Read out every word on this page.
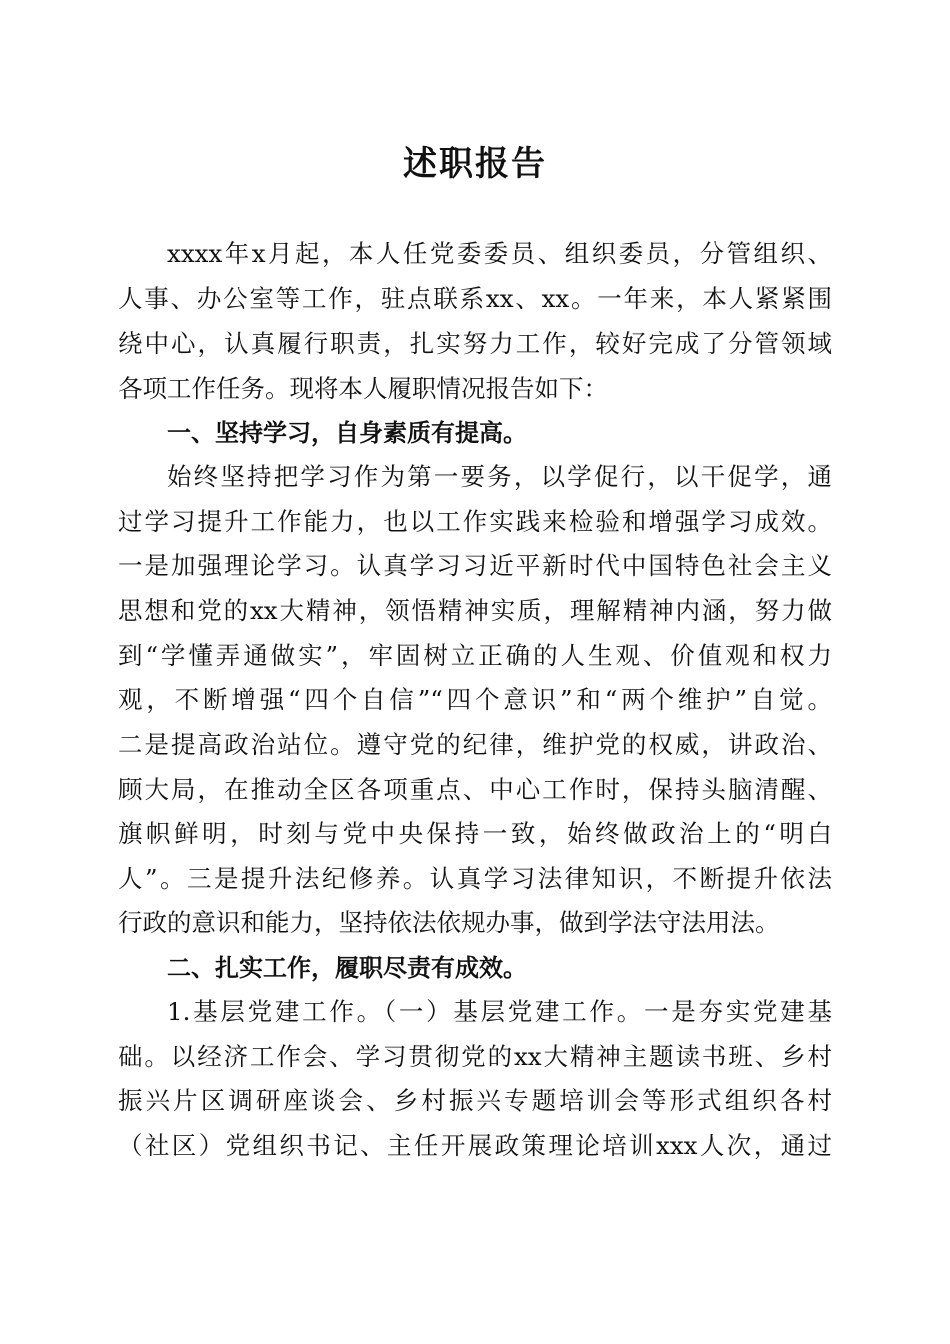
述职报告
xxxx年x月起，本人任党委委员、组织委员，分管组织、
人事、办公室等工作，驻点联系xx、xx。一年来，本人紧紧围
绕中心，认真履行职责，扎实努力工作，较好完成了分管领域
各项工作任务。现将本人履职情况报告如下：
一、坚持学习，自身素质有提高。
始终坚持把学习作为第一要务，以学促行，以干促学，通
过学习提升工作能力，也以工作实践来检验和增强学习成效。
一是加强理论学习。认真学习习近平新时代中国特色社会主义
思想和党的xx大精神，领悟精神实质，理解精神内涵，努力做
到“学懂弄通做实”，牢固树立正确的人生观、价值观和权力
观，不断增强“四个自信”“四个意识”和“两个维护”自觉。
二是提高政治站位。遵守党的纪律，维护党的权威，讲政治、
顾大局，在推动全区各项重点、中心工作时，保持头脑清醒、
旗帜鲜明，时刻与党中央保持一致，始终做政治上的“明白
人”。三是提升法纪修养。认真学习法律知识，不断提升依法
行政的意识和能力，坚持依法依规办事，做到学法守法用法。
二、扎实工作，履职尽责有成效。
1.基层党建工作。（一）基层党建工作。一是夯实党建基
础。以经济工作会、学习贯彻党的xx大精神主题读书班、乡村
振兴片区调研座谈会、乡村振兴专题培训会等形式组织各村
（社区）党组织书记、主任开展政策理论培训xxx人次，通过
